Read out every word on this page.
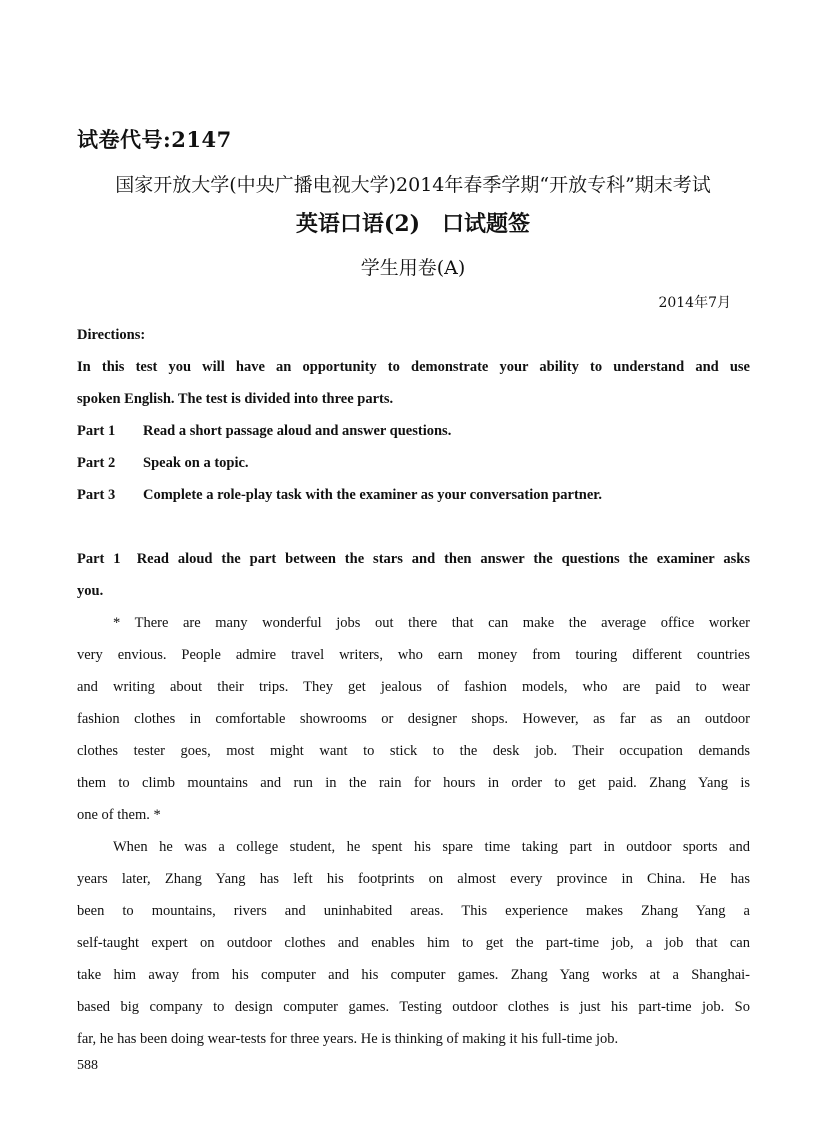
试卷代号:2147
国家开放大学(中央广播电视大学)2014年春季学期“开放专科”期末考试
英语口语(2)　口试题签
学生用卷(A)
2014年7月
Directions:
In this test you will have an opportunity to demonstrate your ability to understand and use
spoken English. The test is divided into three parts.
Part 1 Read a short passage aloud and answer questions.
Part 2 Speak on a topic.
Part 3 Complete a role-play task with the examiner as your conversation partner.
Part 1  Read aloud the part between the stars and then answer the questions the examiner asks
you.
* There are many wonderful jobs out there that can make the average office worker
very envious. People admire travel writers, who earn money from touring different countries
and writing about their trips. They get jealous of fashion models, who are paid to wear
fashion clothes in comfortable showrooms or designer shops. However, as far as an outdoor
clothes tester goes, most might want to stick to the desk job. Their occupation demands
them to climb mountains and run in the rain for hours in order to get paid. Zhang Yang is
one of them. *
When he was a college student, he spent his spare time taking part in outdoor sports and
years later, Zhang Yang has left his footprints on almost every province in China. He has
been to mountains, rivers and uninhabited areas. This experience makes Zhang Yang a
self-taught expert on outdoor clothes and enables him to get the part-time job, a job that can
take him away from his computer and his computer games. Zhang Yang works at a Shanghai-
based big company to design computer games. Testing outdoor clothes is just his part-time job. So
far, he has been doing wear-tests for three years. He is thinking of making it his full-time job.
588
